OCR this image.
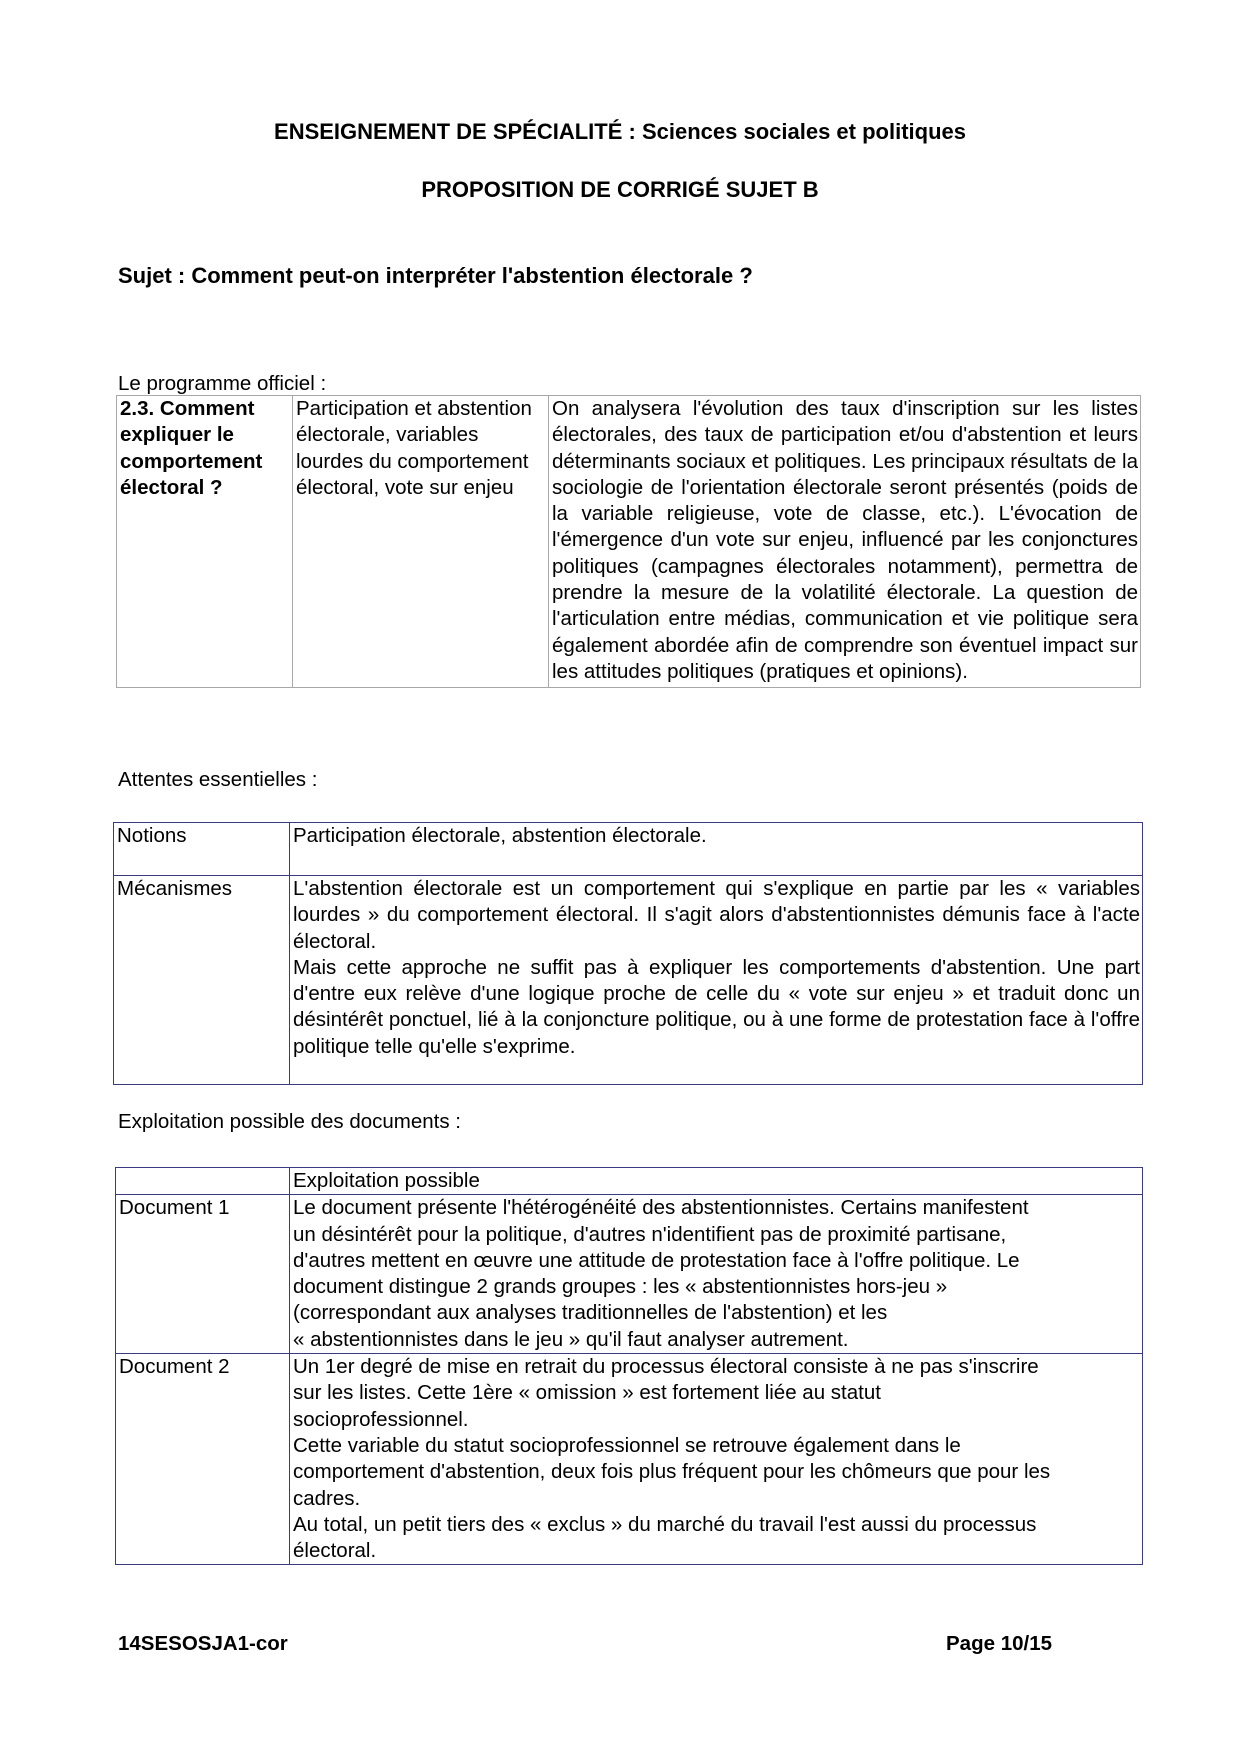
ENSEIGNEMENT DE SPÉCIALITÉ : Sciences sociales et politiques
PROPOSITION DE CORRIGÉ SUJET B
Sujet : Comment peut-on interpréter l'abstention électorale ?
Le programme officiel :
2.3. Comment expliquer le comportement électoral ?	Participation et abstention électorale, variables lourdes du comportement électoral, vote sur enjeu	On analysera l'évolution des taux d'inscription sur les listes électorales, des taux de participation et/ou d'abstention et leurs déterminants sociaux et politiques. Les principaux résultats de la sociologie de l'orientation électorale seront présentés (poids de la variable religieuse, vote de classe, etc.). L'évocation de l'émergence d'un vote sur enjeu, influencé par les conjonctures politiques (campagnes électorales notamment), permettra de prendre la mesure de la volatilité électorale. La question de l'articulation entre médias, communication et vie politique sera également abordée afin de comprendre son éventuel impact sur les attitudes politiques (pratiques et opinions).
Attentes essentielles :
Notions	Participation électorale, abstention électorale.

Mécanismes	L'abstention électorale est un comportement qui s'explique en partie par les « variables lourdes » du comportement électoral. Il s'agit alors d'abstentionnistes démunis face à l'acte électoral.
Mais cette approche ne suffit pas à expliquer les comportements d'abstention. Une part d'entre eux relève d'une logique proche de celle du « vote sur enjeu » et traduit donc un désintérêt ponctuel, lié à la conjoncture politique, ou à une forme de protestation face à l'offre politique telle qu'elle s'exprime.
Exploitation possible des documents :
	Exploitation possible
Document 1	Le document présente l'hétérogénéité des abstentionnistes. Certains manifestent
un désintérêt pour la politique, d'autres n'identifient pas de proximité partisane,
d'autres mettent en œuvre une attitude de protestation face à l'offre politique. Le
document distingue 2 grands groupes : les « abstentionnistes hors-jeu »
(correspondant aux analyses traditionnelles de l'abstention) et les
« abstentionnistes dans le jeu » qu'il faut analyser autrement.

Document 2	Un 1er degré de mise en retrait du processus électoral consiste à ne pas s'inscrire
sur les listes. Cette 1ère « omission » est fortement liée au statut
socioprofessionnel.
Cette variable du statut socioprofessionnel se retrouve également dans le
comportement d'abstention, deux fois plus fréquent pour les chômeurs que pour les
cadres.
Au total, un petit tiers des « exclus » du marché du travail l'est aussi du processus
électoral.
14SESOSJA1-cor	Page 10/15
